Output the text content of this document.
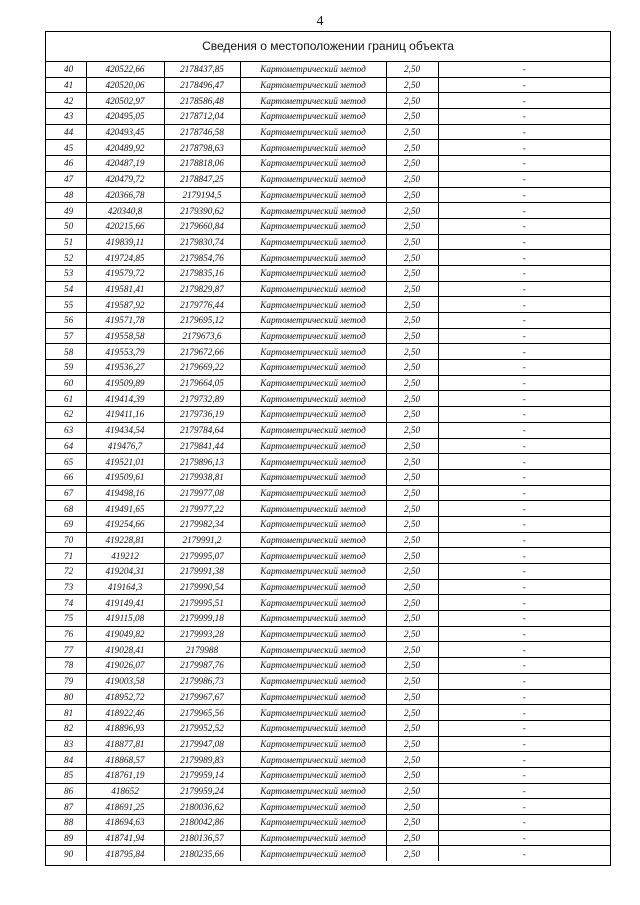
4
Сведения о местоположении границ объекта
40	420522,66	2178437,85	Картометрический метод	2,50	-
41	420520,06	2178496,47	Картометрический метод	2,50	-
42	420502,97	2178586,48	Картометрический метод	2,50	-
43	420495,05	2178712,04	Картометрический метод	2,50	-
44	420493,45	2178746,58	Картометрический метод	2,50	-
45	420489,92	2178798,63	Картометрический метод	2,50	-
46	420487,19	2178818,06	Картометрический метод	2,50	-
47	420479,72	2178847,25	Картометрический метод	2,50	-
48	420366,78	2179194,5	Картометрический метод	2,50	-
49	420340,8	2179390,62	Картометрический метод	2,50	-
50	420215,66	2179660,84	Картометрический метод	2,50	-
51	419839,11	2179830,74	Картометрический метод	2,50	-
52	419724,85	2179854,76	Картометрический метод	2,50	-
53	419579,72	2179835,16	Картометрический метод	2,50	-
54	419581,41	2179829,87	Картометрический метод	2,50	-
55	419587,92	2179776,44	Картометрический метод	2,50	-
56	419571,78	2179695,12	Картометрический метод	2,50	-
57	419558,58	2179673,6	Картометрический метод	2,50	-
58	419553,79	2179672,66	Картометрический метод	2,50	-
59	419536,27	2179669,22	Картометрический метод	2,50	-
60	419509,89	2179664,05	Картометрический метод	2,50	-
61	419414,39	2179732,89	Картометрический метод	2,50	-
62	419411,16	2179736,19	Картометрический метод	2,50	-
63	419434,54	2179784,64	Картометрический метод	2,50	-
64	419476,7	2179841,44	Картометрический метод	2,50	-
65	419521,01	2179896,13	Картометрический метод	2,50	-
66	419509,61	2179938,81	Картометрический метод	2,50	-
67	419498,16	2179977,08	Картометрический метод	2,50	-
68	419491,65	2179977,22	Картометрический метод	2,50	-
69	419254,66	2179982,34	Картометрический метод	2,50	-
70	419228,81	2179991,2	Картометрический метод	2,50	-
71	419212	2179995,07	Картометрический метод	2,50	-
72	419204,31	2179991,38	Картометрический метод	2,50	-
73	419164,3	2179990,54	Картометрический метод	2,50	-
74	419149,41	2179995,51	Картометрический метод	2,50	-
75	419115,08	2179999,18	Картометрический метод	2,50	-
76	419049,82	2179993,28	Картометрический метод	2,50	-
77	419028,41	2179988	Картометрический метод	2,50	-
78	419026,07	2179987,76	Картометрический метод	2,50	-
79	419003,58	2179986,73	Картометрический метод	2,50	-
80	418952,72	2179967,67	Картометрический метод	2,50	-
81	418922,46	2179965,56	Картометрический метод	2,50	-
82	418896,93	2179952,52	Картометрический метод	2,50	-
83	418877,81	2179947,08	Картометрический метод	2,50	-
84	418868,57	2179989,83	Картометрический метод	2,50	-
85	418761,19	2179959,14	Картометрический метод	2,50	-
86	418652	2179959,24	Картометрический метод	2,50	-
87	418691,25	2180036,62	Картометрический метод	2,50	-
88	418694,63	2180042,86	Картометрический метод	2,50	-
89	418741,94	2180136,57	Картометрический метод	2,50	-
90	418795,84	2180235,66	Картометрический метод	2,50	-
